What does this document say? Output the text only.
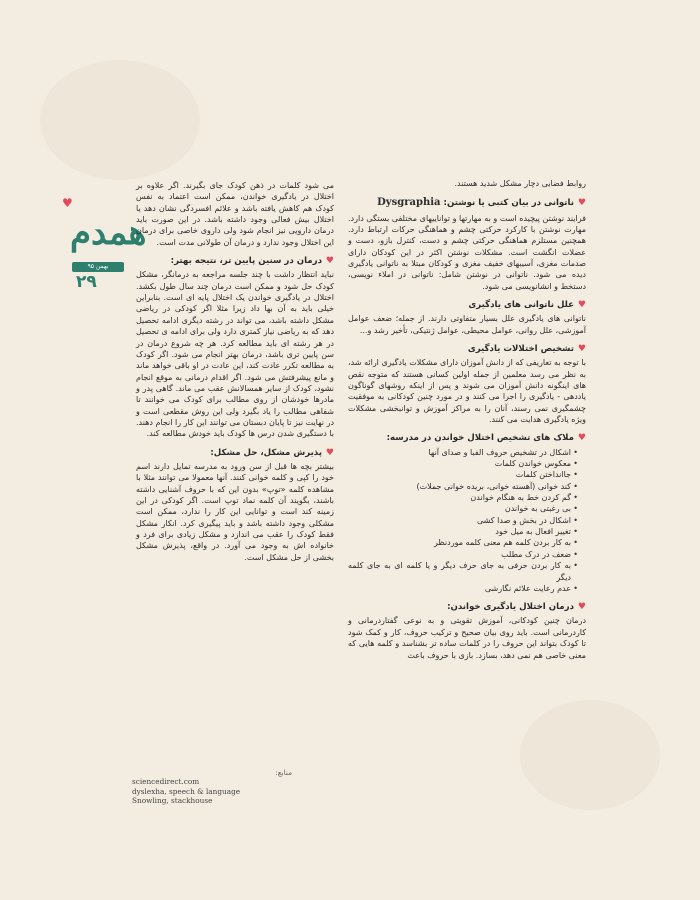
همدم
♥
بهمن ۹۵
۲۹

روابط فضایی دچار مشکل شدید هستند.

♥
ناتوانی در بیان کتبی یا نوشتن:
Dysgraphia

فرایند نوشتن پیچیده است و به مهارتها و تواناییهای مختلفی بستگی دارد. مهارت نوشتن با کارکرد حرکتی چشم و هماهنگی حرکات ارتباط دارد. همچنین مستلزم هماهنگی حرکتی چشم و دست، کنترل بازو، دست و عضلات انگشت است. مشکلات نوشتن اکثر در این کودکان دارای صدمات مغزی، آسیبهای خفیف مغزی و کودکان مبتلا به ناتوانی یادگیری دیده می شود. ناتوانی در نوشتن شامل: ناتوانی در املاء نویسی، دستخط و انشانویسی می شود.

♥
علل ناتوانی های یادگیری

ناتوانی های یادگیری علل بسیار متفاوتی دارند. از جمله؛ ضعف عوامل آموزشی، علل روانی، عوامل محیطی، عوامل ژنتیکی، تأخیر رشد و...

♥
تشخیص اختلالات یادگیری

با توجه به تعاریفی که از دانش آموزان دارای مشکلات یادگیری ارائه شد، به نظر می رسد معلمین از جمله اولین کسانی هستند که متوجه نقص های اینگونه دانش آموزان می شوند و پس از اینکه روشهای گوناگون یاددهی - یادگیری را اجرا می کنند و در مورد چنین کودکانی به موفقیت چشمگیری نمی رسند، آنان را به مراکز آموزش و توانبخشی مشکلات ویژه یادگیری هدایت می کنند.

♥
ملاک های تشخیص اختلال خواندن در مدرسه:
• اشکال در تشخیص حروف الفبا و صدای آنها
• معکوس خواندن کلمات
• جاانداختن کلمات
• کند خوانی (آهسته خوانی، بریده خوانی جملات)
• گم کردن خط به هنگام خواندن
• بی رغبتی به خواندن
• اشکال در بخش و صدا کشی
• تغییر افعال به میل خود
• به کار بردن کلمه هم معنی کلمه موردنظر
• ضعف در درک مطلب
• به کار بردن حرفی به جای حرف دیگر و یا کلمه ای به جای کلمه دیگر
• عدم رعایت علائم نگارشی
♥
درمان اختلال یادگیری خواندن:

درمان چنین کودکانی، آموزش تقویتی و به نوعی گفتاردرمانی و کاردرمانی است. باید روی بیان صحیح و ترکیب حروف، کار و کمک شود تا کودک بتواند این حروف را در کلمات ساده تر بشناسد و کلمه هایی که معنی خاصی هم نمی دهد، بسازد. بازی با حروف باعث

می شود کلمات در ذهن کودک جای بگیرند. اگر علاوه بر اختلال در یادگیری خواندن، ممکن است اعتماد به نفس کودک هم کاهش یافته باشد و علائم افسردگی نشان دهد یا اختلال بیش فعالی وجود داشته باشد. در این صورت باید درمان دارویی نیز انجام شود ولی داروی خاصی برای درمان این اختلال وجود ندارد و درمان آن طولانی مدت است.

♥
درمان در سنین پایین تر، نتیجه بهتر:

نباید انتظار داشت با چند جلسه مراجعه به درمانگر، مشکل کودک حل شود و ممکن است درمان چند سال طول بکشد. اختلال در یادگیری خواندن یک اختلال پایه ای است. بنابراین خیلی باید به آن بها داد زیرا مثلا اگر کودکی در ریاضی مشکل داشته باشد، می تواند در رشته دیگری ادامه تحصیل دهد که به ریاضی نیاز کمتری دارد ولی برای ادامه ی تحصیل در هر رشته ای باید مطالعه کرد. هر چه شروع درمان در سن پایین تری باشد، درمان بهتر انجام می شود. اگر کودک به مطالعه تکرر عادت کند، این عادت در او باقی خواهد ماند و مانع پیشرفتش می شود. اگر اقدام درمانی به موقع انجام نشود، کودک از سایر همسالانش عقب می ماند. گاهی پدر و مادرها خودشان از روی مطالب برای کودک می خوانند تا شفاهی مطالب را یاد بگیرد ولی این روش مقطعی است و در نهایت نیز تا پایان دبستان می توانند این کار را انجام دهند. با دستگیری شدن درس ها کودک باید خودش مطالعه کند.

♥
پذیرش مشکل، حل مشکل:

بیشتر بچه ها قبل از سن ورود به مدرسه تمایل دارند اسم خود را کپی و کلمه خوانی کنند. آنها معمولا می توانند مثلا با مشاهده کلمه «توپ» بدون این که با حروف آشنایی داشته باشند، بگویند آن کلمه نماد توپ است. اگر کودکی در این زمینه کند است و توانایی این کار را ندارد، ممکن است مشکلی وجود داشته باشد و باید پیگیری کرد. انکار مشکل فقط کودک را عقب می اندازد و مشکل زیادی برای فرد و خانواده اش به وجود می آورد. در واقع، پذیرش مشکل بخشی از حل مشکل است.

منابع:
sciencedirect.com
dyslexha, speech & language
Snowling, stackhouse
